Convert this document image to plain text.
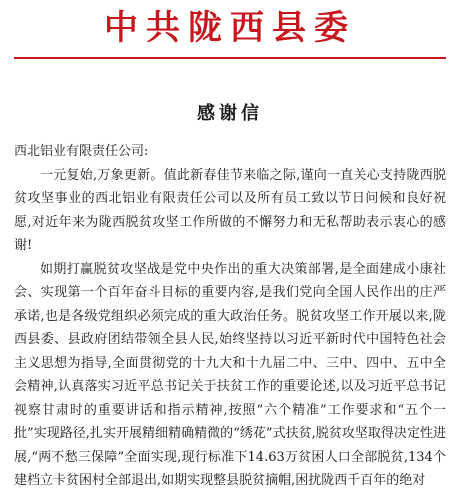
中共陇西县委
感谢信

西北铝业有限责任公司:

一元复始,万象更新。值此新春佳节来临之际,谨向一直关心支持陇西脱贫攻坚事业的西北铝业有限责任公司以及所有员工致以节日问候和良好祝愿,对近年来为陇西脱贫攻坚工作所做的不懈努力和无私帮助表示衷心的感谢!

如期打赢脱贫攻坚战是党中央作出的重大决策部署,是全面建成小康社会、实现第一个百年奋斗目标的重要内容,是我们党向全国人民作出的庄严承诺,也是各级党组织必须完成的重大政治任务。脱贫攻坚工作开展以来,陇西县委、县政府团结带领全县人民,始终坚持以习近平新时代中国特色社会主义思想为指导,全面贯彻党的十九大和十九届二中、三中、四中、五中全会精神,认真落实习近平总书记关于扶贫工作的重要论述,以及习近平总书记视察甘肃时的重要讲话和指示精神,按照“六个精准”工作要求和“五个一批”实现路径,扎实开展精细精确精微的“绣花”式扶贫,脱贫攻坚取得决定性进展,“两不愁三保障”全面实现,现行标准下14.63万贫困人口全部脱贫,134个建档立卡贫困村全部退出,如期实现整县脱贫摘帽,困扰陇西千百年的绝对
